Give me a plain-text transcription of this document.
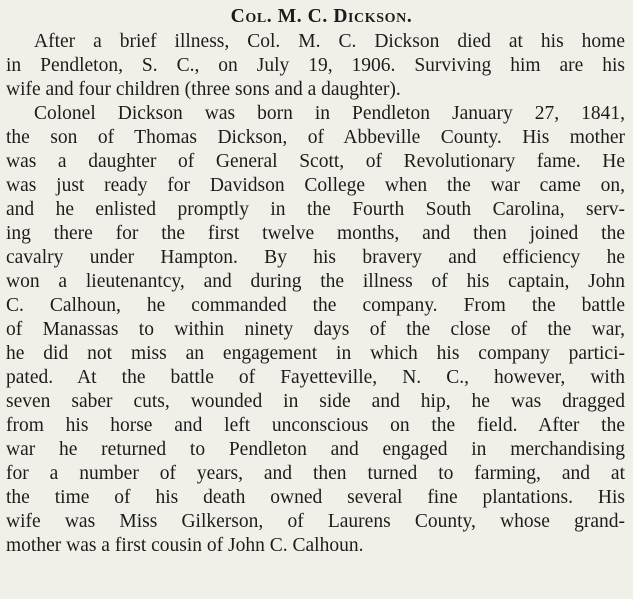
Col. M. C. Dickson.

After a brief illness, Col. M. C. Dickson died at his home
in Pendleton, S. C., on July 19, 1906. Surviving him are his
wife and four children (three sons and a daughter).

Colonel Dickson was born in Pendleton January 27, 1841,
the son of Thomas Dickson, of Abbeville County. His mother
was a daughter of General Scott, of Revolutionary fame. He
was just ready for Davidson College when the war came on,
and he enlisted promptly in the Fourth South Carolina, serv-
ing there for the first twelve months, and then joined the
cavalry under Hampton. By his bravery and efficiency he
won a lieutenantcy, and during the illness of his captain, John
C. Calhoun, he commanded the company. From the battle
of Manassas to within ninety days of the close of the war,
he did not miss an engagement in which his company partici-
pated. At the battle of Fayetteville, N. C., however, with
seven saber cuts, wounded in side and hip, he was dragged
from his horse and left unconscious on the field. After the
war he returned to Pendleton and engaged in merchandising
for a number of years, and then turned to farming, and at
the time of his death owned several fine plantations. His
wife was Miss Gilkerson, of Laurens County, whose grand-
mother was a first cousin of John C. Calhoun.
